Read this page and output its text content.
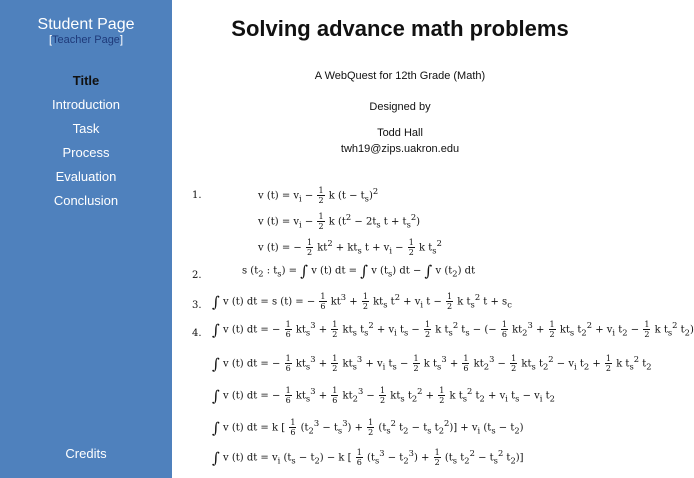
Student Page
[Teacher Page]
Title
Introduction
Task
Process
Evaluation
Conclusion
Credits
Solving advance math problems
A WebQuest for 12th Grade (Math)
Designed by
Todd Hall
twh19@zips.uakron.edu
1.	v $(t) = v_i - \frac{1}{2}$ k $(t - t_s)^2$
v $(t) = v_i - \frac{1}{2}$ k ($t^2 - 2t_s$ $t + t_s^2$)
v (t) = − $\frac{1}{2} kt^2 + kt_s$ $t + v_i - \frac{1}{2}$ k $t_s^2$
2.	s ($t_2$ : $t_s$) = ∫ v (t) dt = ∫ v $(t_s)$ dt − ∫ v $(t_2)$ dt
3. ∫ v (t) dt = s (t) = − $\frac{1}{6} kt^3 + \frac{1}{2} kt_s$ $t^2 + v_i$ $t - \frac{1}{2}$ k $t_s^2$ $t + s_c$
4. ∫ v (t) dt = − $\frac{1}{6} kt_s^3 + \frac{1}{2} kt_s$ $t_s^2 + v_i$ $t_s - \frac{1}{2}$ k $t_s^2$ $t_s$ − (− $\frac{1}{6} kt_2^3 + \frac{1}{2} kt_s$ $t_2^2 + v_i$ $t_2 - \frac{1}{2}$ k $t_s^2$ $t_2$)
∫ v (t) dt = − $\frac{1}{6} kt_s^3 + \frac{1}{2} kt_s^3 + v_i$ $t_s - \frac{1}{2}$ k $t_s^3 + \frac{1}{6} kt_2^3 - \frac{1}{2} kt_s$ $t_2^2 - v_i$ $t_2 + \frac{1}{2}$ k $t_s^2$ $t_2$
∫ v (t) dt = − $\frac{1}{6} kt_s^3 + \frac{1}{6} kt_2^3 - \frac{1}{2} kt_s$ $t_2^2 + \frac{1}{2}$ k $t_s^2$ $t_2 + v_i$ $t_s - v_i$ $t_2$
∫ v (t) dt = k [ $\frac{1}{6} (t_2^3 - t_s^3) + \frac{1}{2} (t_s^2$ $t_2 - t_s$ $t_2^2)] + v_i$ $(t_s - t_2)$
∫ v (t) dt = $v_i$ $(t_s - t_2) - k$ [ $\frac{1}{6} (t_s^3 - t_2^3) + \frac{1}{2} (t_s$ $t_2^2 - t_s^2$ $t_2$)]
